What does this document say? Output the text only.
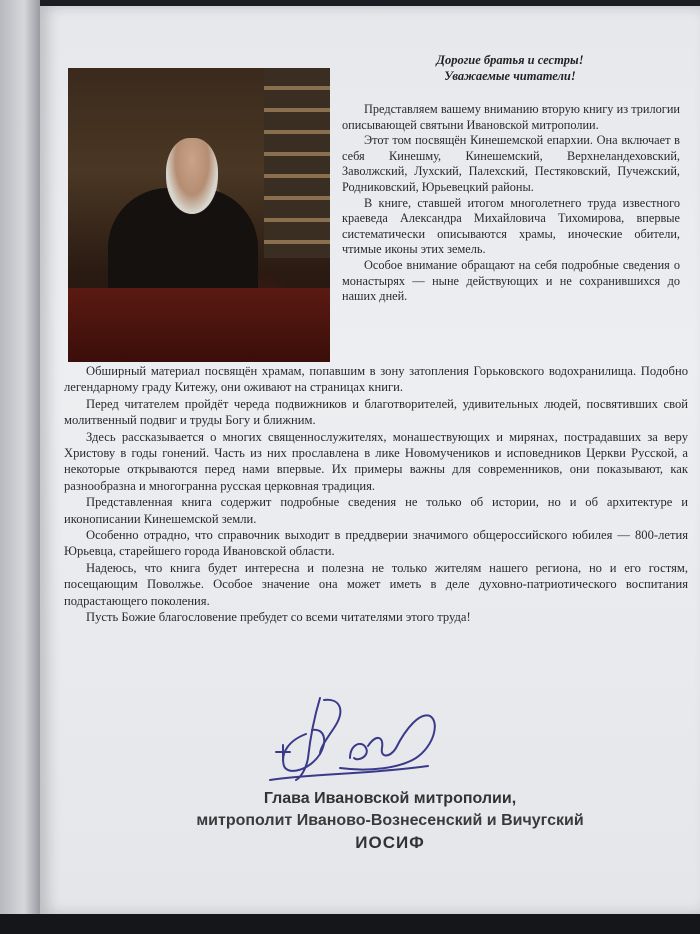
Дорогие братья и сестры!
Уважаемые читатели!

Представляем вашему вниманию вторую книгу из трилогии описывающей святыни Ивановской митрополии.

Этот том посвящён Кинешемской епархии. Она включает в себя Кинешму, Кинешемский, Верхнеландеховский, Заволжский, Лухский, Палехский, Пестяковский, Пучежский, Родниковский, Юрьевецкий районы.

В книге, ставшей итогом многолетнего труда известного краеведа Александра Михайловича Тихомирова, впервые систематически описываются храмы, иноческие обители, чтимые иконы этих земель.

Особое внимание обращают на себя подробные сведения о монастырях — ныне действующих и не сохранившихся до наших дней.

Обширный материал посвящён храмам, попавшим в зону затопления Горьковского водохранилища. Подобно легендарному граду Китежу, они оживают на страницах книги.

Перед читателем пройдёт череда подвижников и благотворителей, удивительных людей, посвятивших свой молитвенный подвиг и труды Богу и ближним.

Здесь рассказывается о многих священнослужителях, монашествующих и мирянах, пострадавших за веру Христову в годы гонений. Часть из них прославлена в лике Новомучеников и исповедников Церкви Русской, а некоторые открываются перед нами впервые. Их примеры важны для современников, они показывают, как разнообразна и многогранна русская церковная традиция.

Представленная книга содержит подробные сведения не только об истории, но и об архитектуре и иконописании Кинешемской земли.

Особенно отрадно, что справочник выходит в преддверии значимого общероссийского юбилея — 800-летия Юрьевца, старейшего города Ивановской области.

Надеюсь, что книга будет интересна и полезна не только жителям нашего региона, но и его гостям, посещающим Поволжье. Особое значение она может иметь в деле духовно-патриотического воспитания подрастающего поколения.

Пусть Божие благословение пребудет со всеми читателями этого труда!

Глава Ивановской митрополии,
митрополит Иваново-Вознесенский и Вичугский
ИОСИФ
